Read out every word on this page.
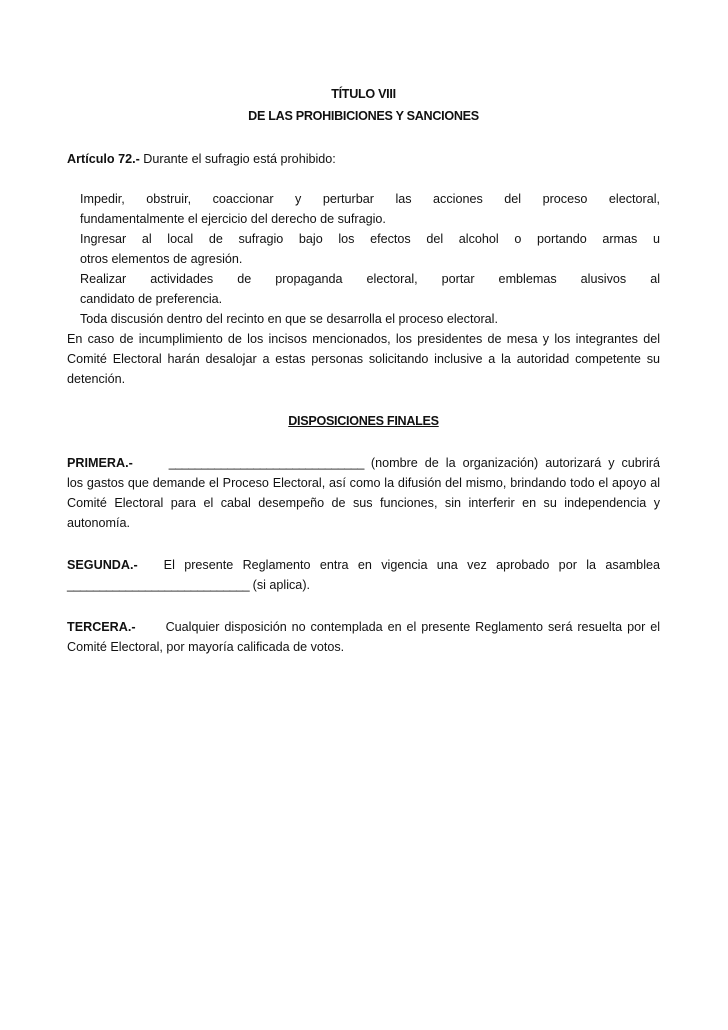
TÍTULO VIII
DE LAS PROHIBICIONES Y SANCIONES
Artículo 72.- Durante el sufragio está prohibido:
Impedir, obstruir, coaccionar y perturbar las acciones del proceso electoral,
fundamentalmente el ejercicio del derecho de sufragio.
Ingresar al local de sufragio bajo los efectos del alcohol o portando armas u
otros elementos de agresión.
Realizar actividades de propaganda electoral, portar emblemas alusivos al
candidato de preferencia.
Toda discusión dentro del recinto en que se desarrolla el proceso electoral.
En caso de incumplimiento de los incisos mencionados, los presidentes de mesa y los integrantes del Comité Electoral harán desalojar a estas personas solicitando inclusive a la autoridad competente su detención.
DISPOSICIONES FINALES
PRIMERA.-	______________________________ (nombre de la organización) autorizará y cubrirá
los gastos que demande el Proceso Electoral, así como la difusión del mismo, brindando todo el apoyo al Comité Electoral para el cabal desempeño de sus funciones, sin interferir en su independencia y autonomía.
SEGUNDA.- El presente Reglamento entra en vigencia una vez aprobado por la asamblea
____________________________ (si aplica).
TERCERA.- Cualquier disposición no contemplada en el presente Reglamento será resuelta por el Comité Electoral, por mayoría calificada de votos.
